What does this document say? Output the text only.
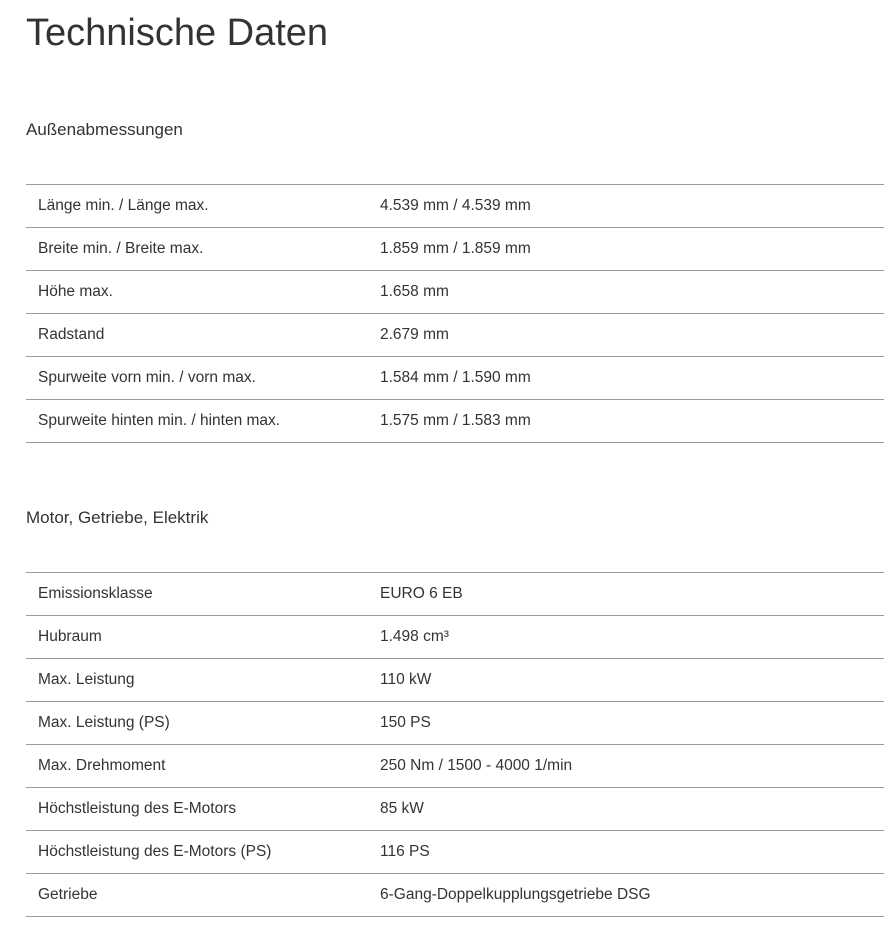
Technische Daten
Außenabmessungen
Länge min. / Länge max.	4.539 mm / 4.539 mm
Breite min. / Breite max.	1.859 mm / 1.859 mm
Höhe max.	1.658 mm
Radstand	2.679 mm
Spurweite vorn min. / vorn max.	1.584 mm / 1.590 mm
Spurweite hinten min. / hinten max.	1.575 mm / 1.583 mm
Motor, Getriebe, Elektrik
Emissionsklasse	EURO 6 EB
Hubraum	1.498 cm³
Max. Leistung	110 kW
Max. Leistung (PS)	150 PS
Max. Drehmoment	250 Nm / 1500 - 4000 1/min
Höchstleistung des E-Motors	85 kW
Höchstleistung des E-Motors (PS)	116 PS
Getriebe	6-Gang-Doppelkupplungsgetriebe DSG
